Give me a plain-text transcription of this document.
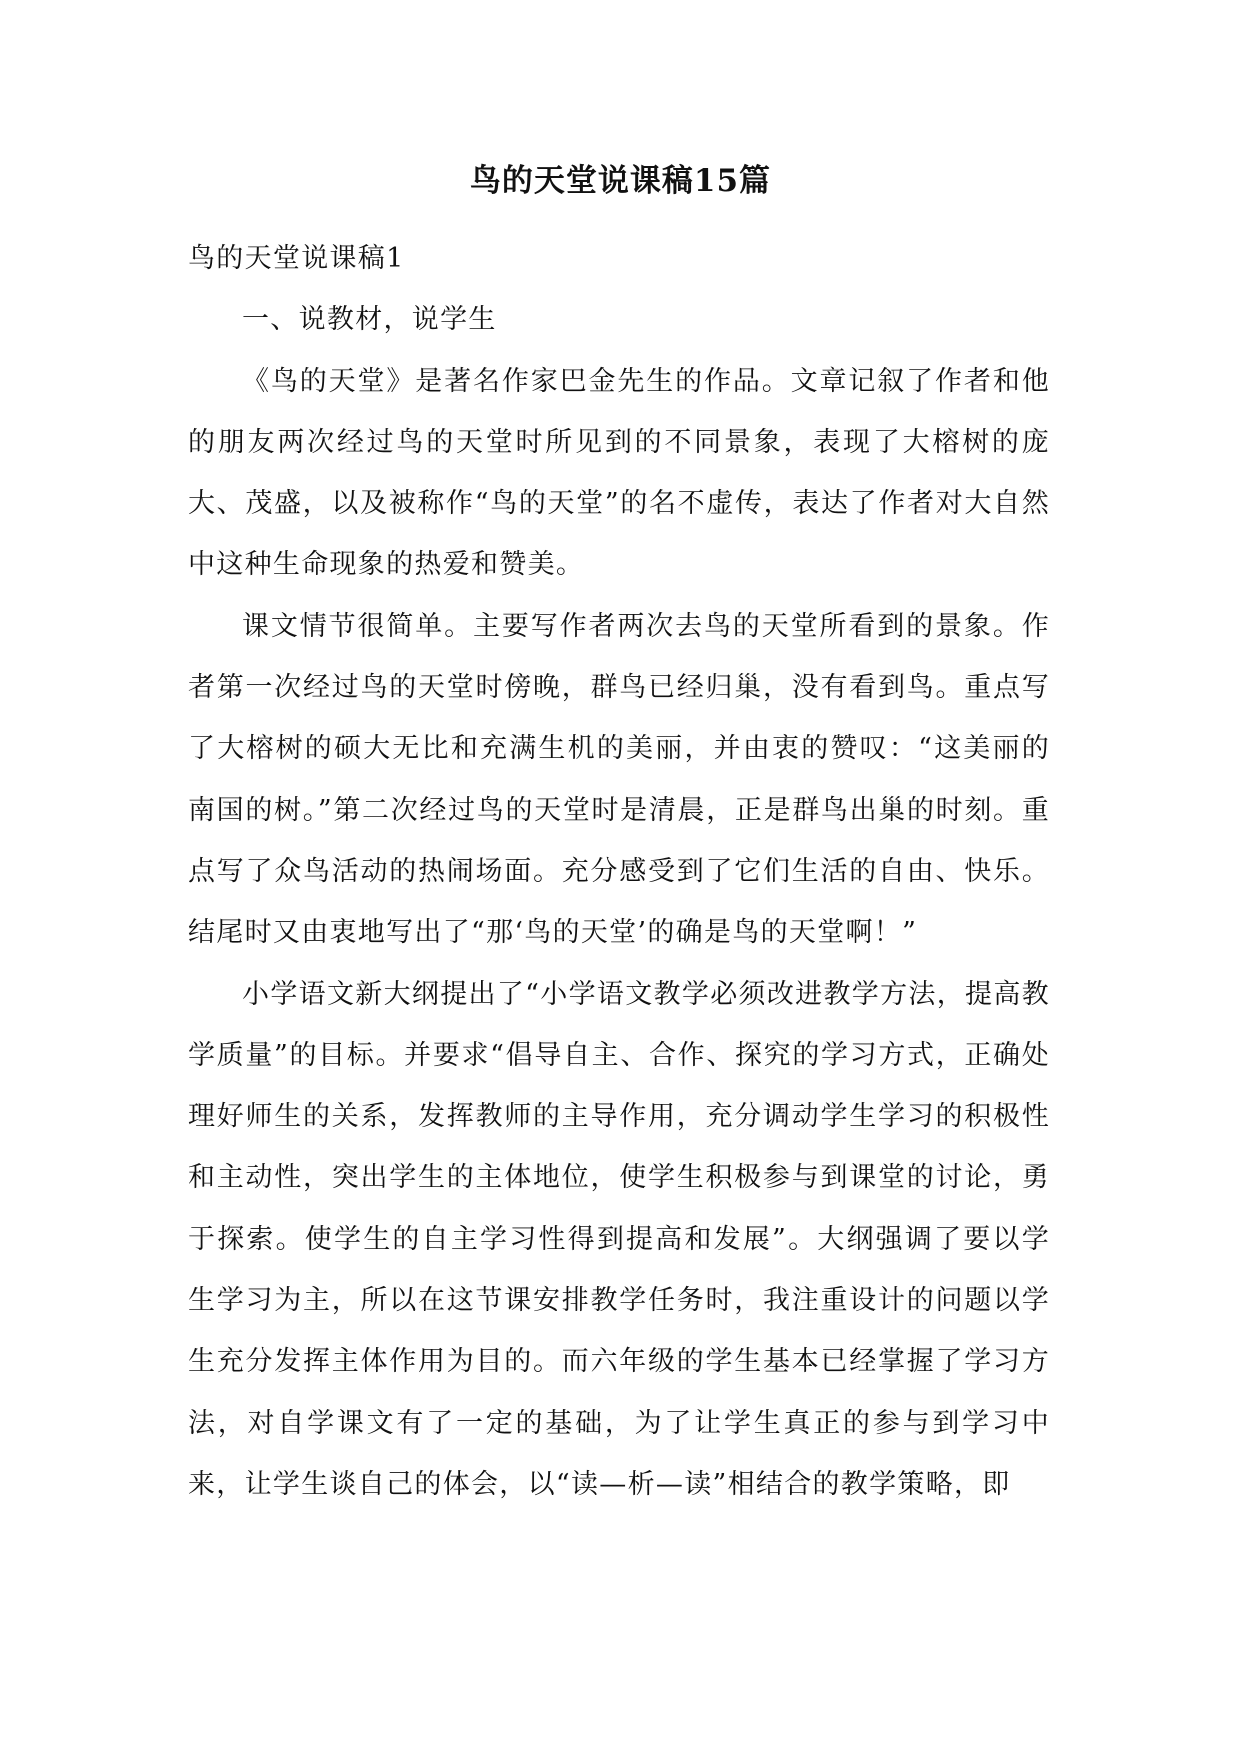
鸟的天堂说课稿15篇

鸟的天堂说课稿1

一、说教材，说学生

《鸟的天堂》是著名作家巴金先生的作品。文章记叙了作者和他的朋友两次经过鸟的天堂时所见到的不同景象，表现了大榕树的庞大、茂盛，以及被称作“鸟的天堂”的名不虚传，表达了作者对大自然中这种生命现象的热爱和赞美。

课文情节很简单。主要写作者两次去鸟的天堂所看到的景象。作者第一次经过鸟的天堂时傍晚，群鸟已经归巢，没有看到鸟。重点写了大榕树的硕大无比和充满生机的美丽，并由衷的赞叹：“这美丽的南国的树。”第二次经过鸟的天堂时是清晨，正是群鸟出巢的时刻。重点写了众鸟活动的热闹场面。充分感受到了它们生活的自由、快乐。结尾时又由衷地写出了“那‘鸟的天堂’的确是鸟的天堂啊！”

小学语文新大纲提出了“小学语文教学必须改进教学方法，提高教学质量”的目标。并要求“倡导自主、合作、探究的学习方式，正确处理好师生的关系，发挥教师的主导作用，充分调动学生学习的积极性和主动性，突出学生的主体地位，使学生积极参与到课堂的讨论，勇于探索。使学生的自主学习性得到提高和发展”。大纲强调了要以学生学习为主，所以在这节课安排教学任务时，我注重设计的问题以学生充分发挥主体作用为目的。而六年级的学生基本已经掌握了学习方法，对自学课文有了一定的基础，为了让学生真正的参与到学习中来，让学生谈自己的体会，以“读—析—读”相结合的教学策略，即
